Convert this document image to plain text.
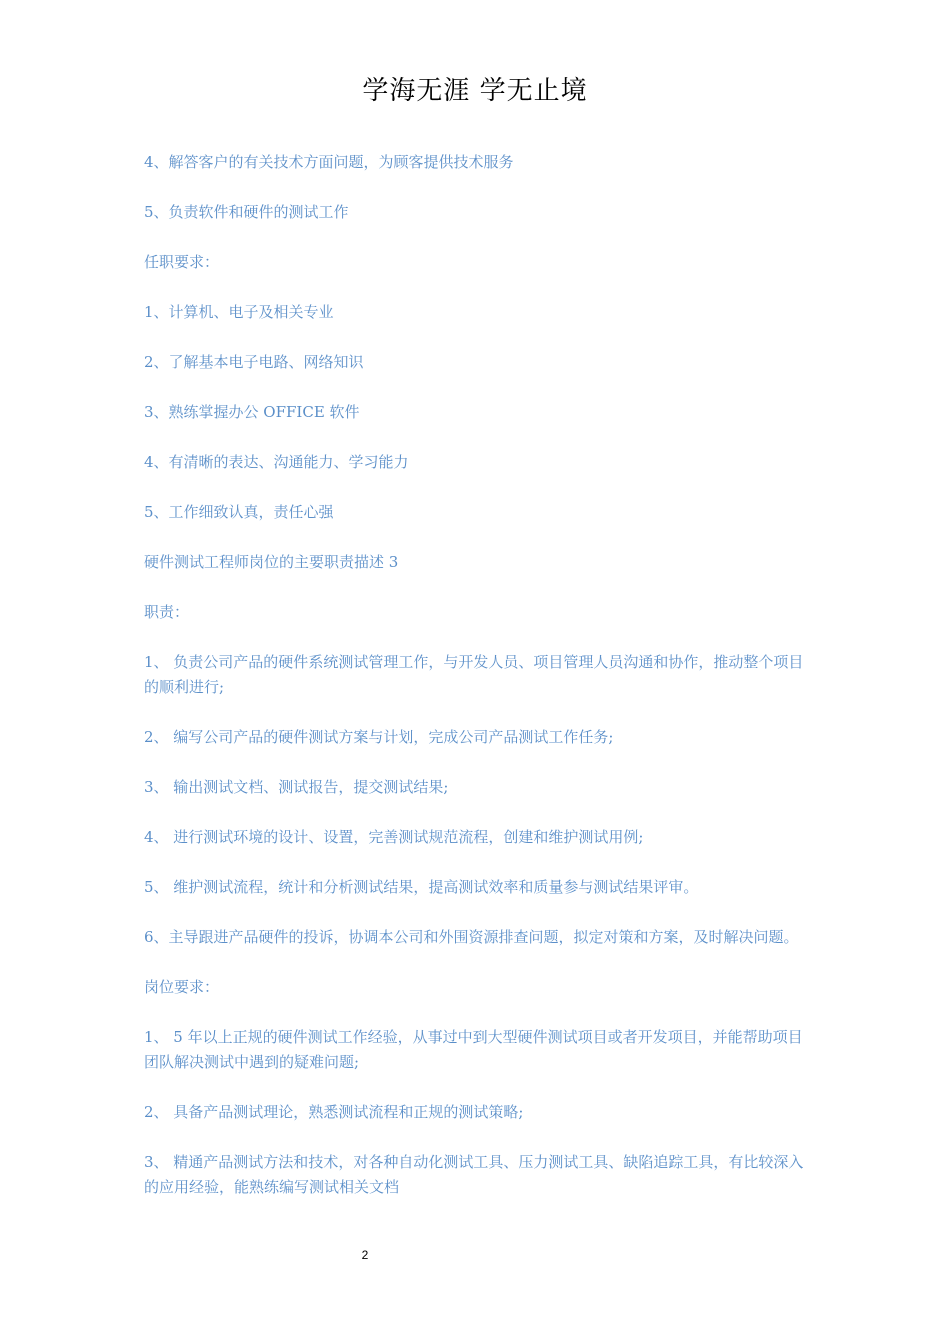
学海无涯 学无止境

4、解答客户的有关技术方面问题，为顾客提供技术服务

5、负责软件和硬件的测试工作

任职要求：

1、计算机、电子及相关专业

2、了解基本电子电路、网络知识

3、熟练掌握办公 OFFICE 软件

4、有清晰的表达、沟通能力、学习能力

5、工作细致认真，责任心强

硬件测试工程师岗位的主要职责描述 3

职责：

1、 负责公司产品的硬件系统测试管理工作，与开发人员、项目管理人员沟通和协作，推动整个项目的顺利进行;

2、 编写公司产品的硬件测试方案与计划，完成公司产品测试工作任务;

3、 输出测试文档、测试报告，提交测试结果;

4、 进行测试环境的设计、设置，完善测试规范流程，创建和维护测试用例;

5、 维护测试流程，统计和分析测试结果，提高测试效率和质量参与测试结果评审。

6、主导跟进产品硬件的投诉，协调本公司和外围资源排查问题，拟定对策和方案，及时解决问题。

岗位要求：

1、 5 年以上正规的硬件测试工作经验，从事过中到大型硬件测试项目或者开发项目，并能帮助项目团队解决测试中遇到的疑难问题;

2、 具备产品测试理论，熟悉测试流程和正规的测试策略;

3、 精通产品测试方法和技术，对各种自动化测试工具、压力测试工具、缺陷追踪工具，有比较深入的应用经验，能熟练编写测试相关文档

2
